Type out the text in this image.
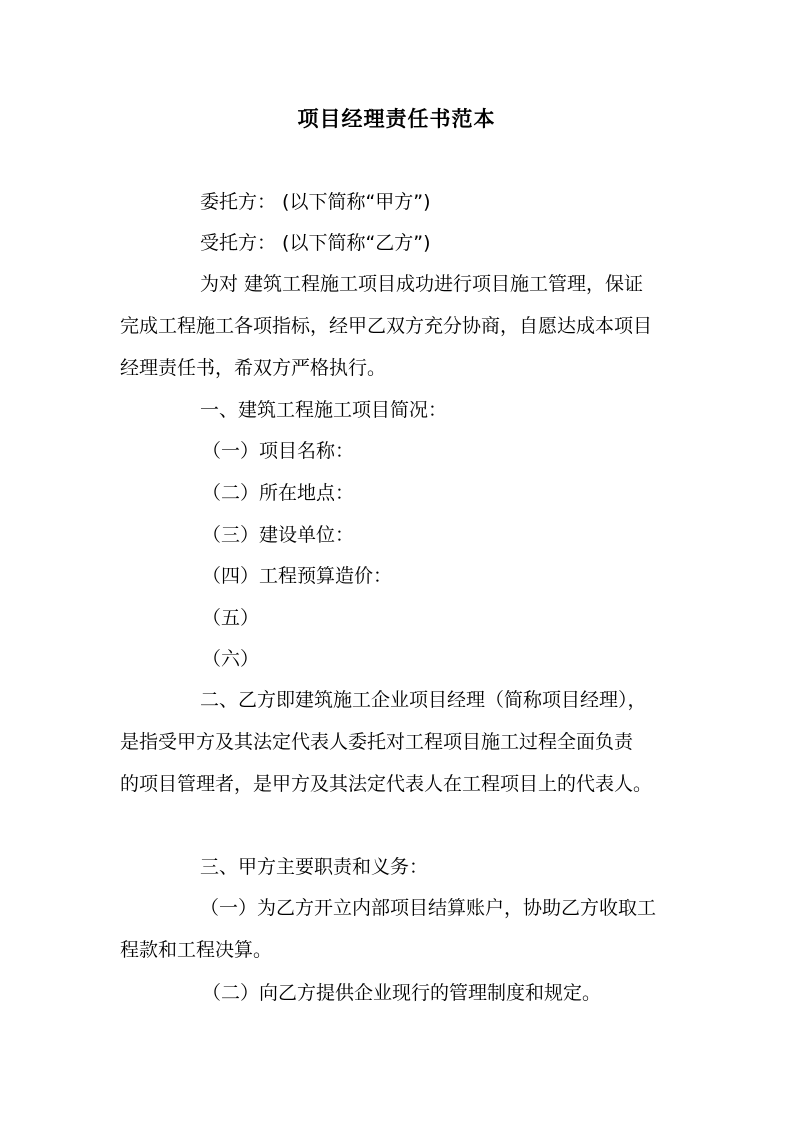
项目经理责任书范本
委托方： (以下简称“甲方”)
受托方： (以下简称“乙方”)
为对 建筑工程施工项目成功进行项目施工管理，保证
完成工程施工各项指标，经甲乙双方充分协商，自愿达成本项目
经理责任书，希双方严格执行。
一、建筑工程施工项目简况：
（一）项目名称：
（二）所在地点：
（三）建设单位：
（四）工程预算造价：
（五）
（六）
二、乙方即建筑施工企业项目经理（简称项目经理），
是指受甲方及其法定代表人委托对工程项目施工过程全面负责
的项目管理者，是甲方及其法定代表人在工程项目上的代表人。
三、甲方主要职责和义务：
（一）为乙方开立内部项目结算账户，协助乙方收取工
程款和工程决算。
（二）向乙方提供企业现行的管理制度和规定。
